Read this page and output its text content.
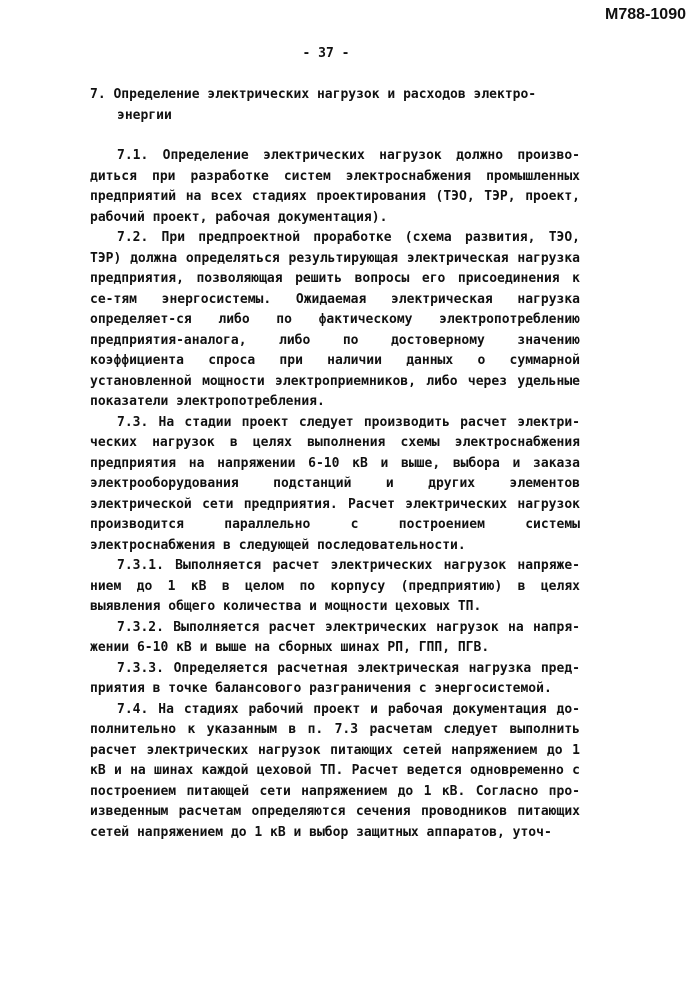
М788-1090
- 37 -
7. Определение электрических нагрузок и расходов электро-
энергии

7.1. Определение электрических нагрузок должно произво-диться при разработке систем электроснабжения промышленных предприятий на всех стадиях проектирования (ТЭО, ТЭР, проект, рабочий проект, рабочая документация).

7.2. При предпроектной проработке (схема развития, ТЭО, ТЭР) должна определяться результирующая электрическая нагрузка предприятия, позволяющая решить вопросы его присоединения к се-тям энергосистемы. Ожидаемая электрическая нагрузка определяет-ся либо по фактическому электропотреблению предприятия-аналога, либо по достоверному значению коэффициента спроса при наличии данных о суммарной установленной мощности электроприемников, либо через удельные показатели электропотребления.

7.3. На стадии проект следует производить расчет электри-ческих нагрузок в целях выполнения схемы электроснабжения предприятия на напряжении 6-10 кВ и выше, выбора и заказа электрооборудования подстанций и других элементов электрической сети предприятия. Расчет электрических нагрузок производится параллельно с построением системы электроснабжения в следующей последовательности.

7.3.1. Выполняется расчет электрических нагрузок напряже-нием до 1 кВ в целом по корпусу (предприятию) в целях выявления общего количества и мощности цеховых ТП.

7.3.2. Выполняется расчет электрических нагрузок на напря-жении 6-10 кВ и выше на сборных шинах РП, ГПП, ПГВ.

7.3.3. Определяется расчетная электрическая нагрузка пред-приятия в точке балансового разграничения с энергосистемой.

7.4. На стадиях рабочий проект и рабочая документация до-полнительно к указанным в п. 7.3 расчетам следует выполнить расчет электрических нагрузок питающих сетей напряжением до 1 кВ и на шинах каждой цеховой ТП. Расчет ведется одновременно с построением питающей сети напряжением до 1 кВ. Согласно про-изведенным расчетам определяются сечения проводников питающих сетей напряжением до 1 кВ и выбор защитных аппаратов, уточ-
